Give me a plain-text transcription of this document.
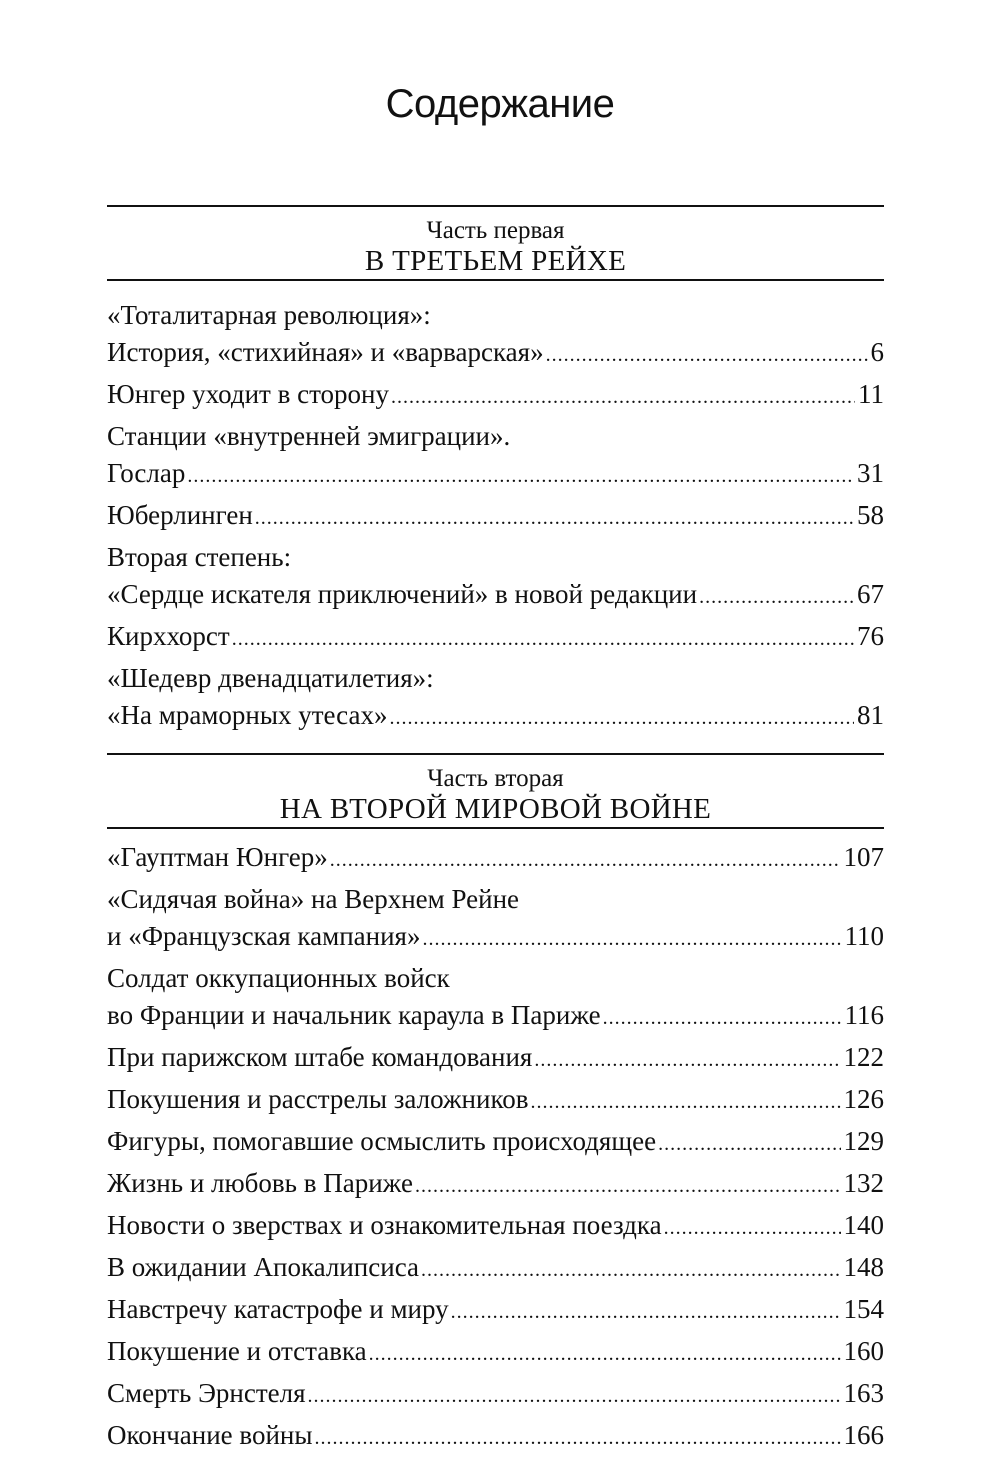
Содержание
Часть первая
В ТРЕТЬЕМ РЕЙХЕ
«Тоталитарная революция»:
История, «стихийная» и «варварская» .....	6
Юнгер уходит в сторону .....	11
Станции «внутренней эмиграции».
Гослар .....	31
Юберлинген .....	58
Вторая степень:
«Сердце искателя приключений» в новой редакции .....	67
Кирххорст .....	76
«Шедевр двенадцатилетия»:
«На мраморных утесах» .....	81
Часть вторая
НА ВТОРОЙ МИРОВОЙ ВОЙНЕ
«Гауптман Юнгер» .....	107
«Сидячая война» на Верхнем Рейне
и «Французская кампания» .....	110
Солдат оккупационных войск
во Франции и начальник караула в Париже .....	116
При парижском штабе командования .....	122
Покушения и расстрелы заложников .....	126
Фигуры, помогавшие осмыслить происходящее .....	129
Жизнь и любовь в Париже .....	132
Новости о зверствах и ознакомительная поездка .....	140
В ожидании Апокалипсиса .....	148
Навстречу катастрофе и миру .....	154
Покушение и отставка .....	160
Смерть Эрнстеля .....	163
Окончание войны .....	166
